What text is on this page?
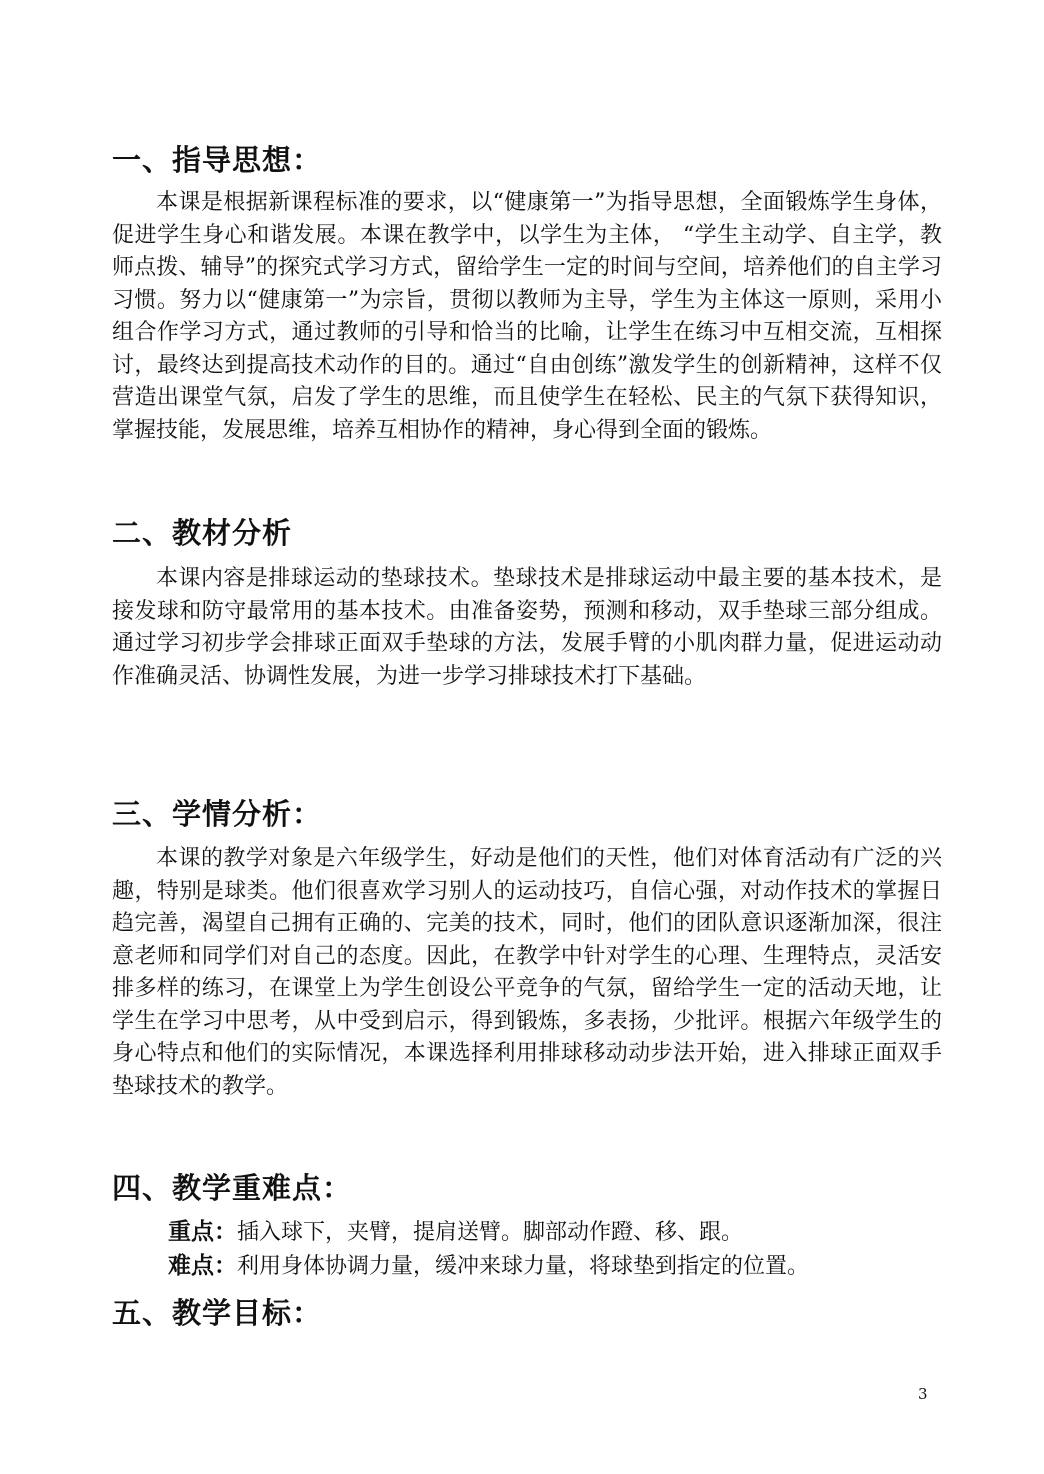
一、指导思想：

本课是根据新课程标准的要求，以“健康第一”为指导思想，全面锻炼学生身体，促进学生身心和谐发展。本课在教学中，以学生为主体， “学生主动学、自主学，教师点拨、辅导”的探究式学习方式，留给学生一定的时间与空间，培养他们的自主学习习惯。努力以“健康第一”为宗旨，贯彻以教师为主导，学生为主体这一原则，采用小组合作学习方式，通过教师的引导和恰当的比喻，让学生在练习中互相交流，互相探讨，最终达到提高技术动作的目的。通过“自由创练”激发学生的创新精神，这样不仅营造出课堂气氛，启发了学生的思维，而且使学生在轻松、民主的气氛下获得知识，掌握技能，发展思维，培养互相协作的精神，身心得到全面的锻炼。

二、教材分析

本课内容是排球运动的垫球技术。垫球技术是排球运动中最主要的基本技术，是接发球和防守最常用的基本技术。由准备姿势，预测和移动，双手垫球三部分组成。通过学习初步学会排球正面双手垫球的方法，发展手臂的小肌肉群力量，促进运动动作准确灵活、协调性发展，为进一步学习排球技术打下基础。

三、学情分析：

本课的教学对象是六年级学生，好动是他们的天性，他们对体育活动有广泛的兴趣，特别是球类。他们很喜欢学习别人的运动技巧，自信心强，对动作技术的掌握日趋完善，渴望自己拥有正确的、完美的技术，同时，他们的团队意识逐渐加深，很注意老师和同学们对自己的态度。因此，在教学中针对学生的心理、生理特点，灵活安排多样的练习，在课堂上为学生创设公平竞争的气氛，留给学生一定的活动天地，让学生在学习中思考，从中受到启示，得到锻炼，多表扬，少批评。根据六年级学生的身心特点和他们的实际情况，本课选择利用排球移动动步法开始，进入排球正面双手垫球技术的教学。

四、教学重难点：

重点：插入球下，夹臂，提肩送臂。脚部动作蹬、移、跟。

难点：利用身体协调力量，缓冲来球力量，将球垫到指定的位置。

五、教学目标：
3
